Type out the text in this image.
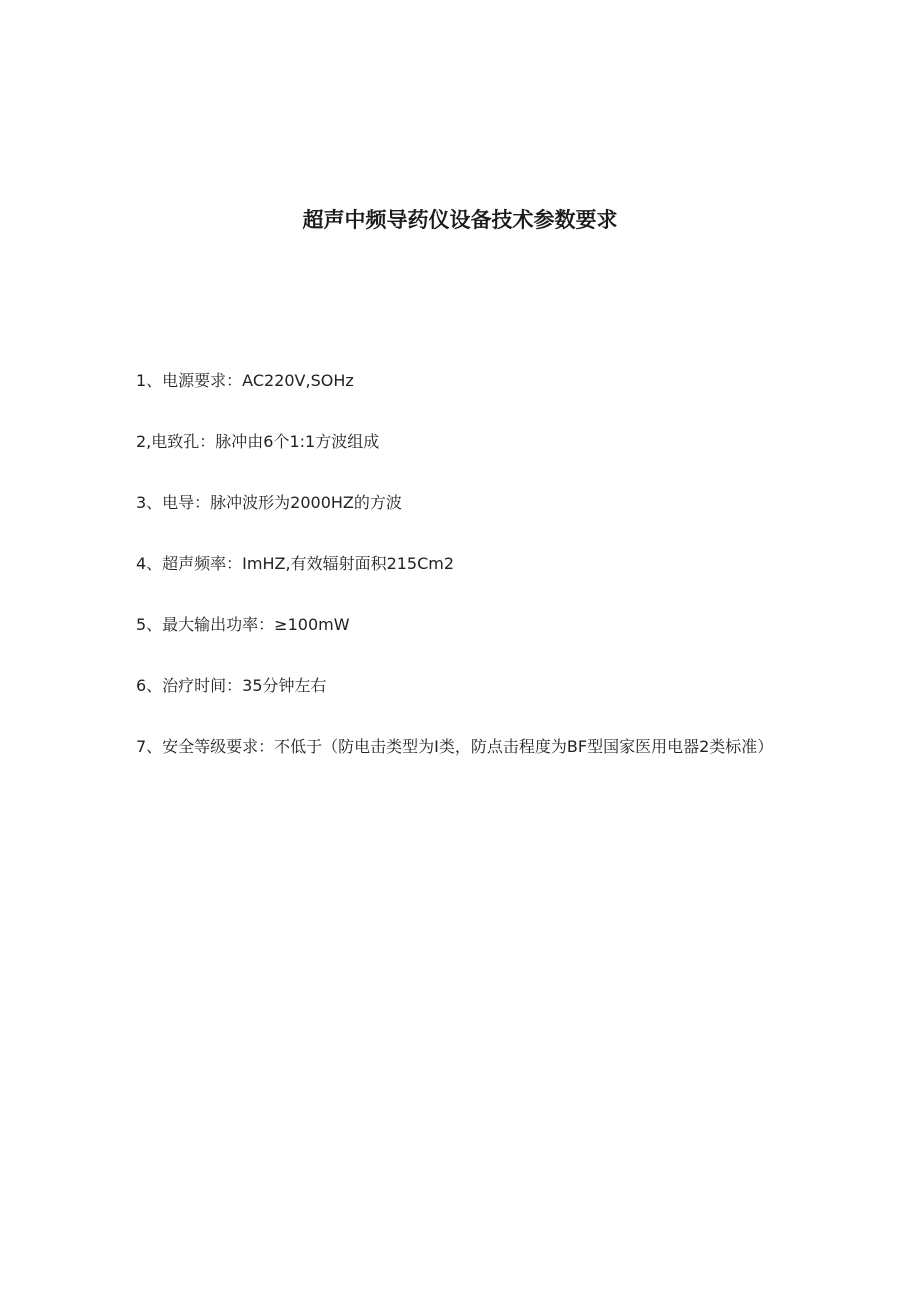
超声中频导药仪设备技术参数要求
1、电源要求：AC220V,SOHz
2,电致孔：脉冲由6个1:1方波组成
3、电导：脉冲波形为2000HZ的方波
4、超声频率：ImHZ,有效辐射面积215Cm2
5、最大输出功率：≥100mW
6、治疗时间：35分钟左右
7、安全等级要求：不低于（防电击类型为I类，防点击程度为BF型国家医用电器2类标准）
